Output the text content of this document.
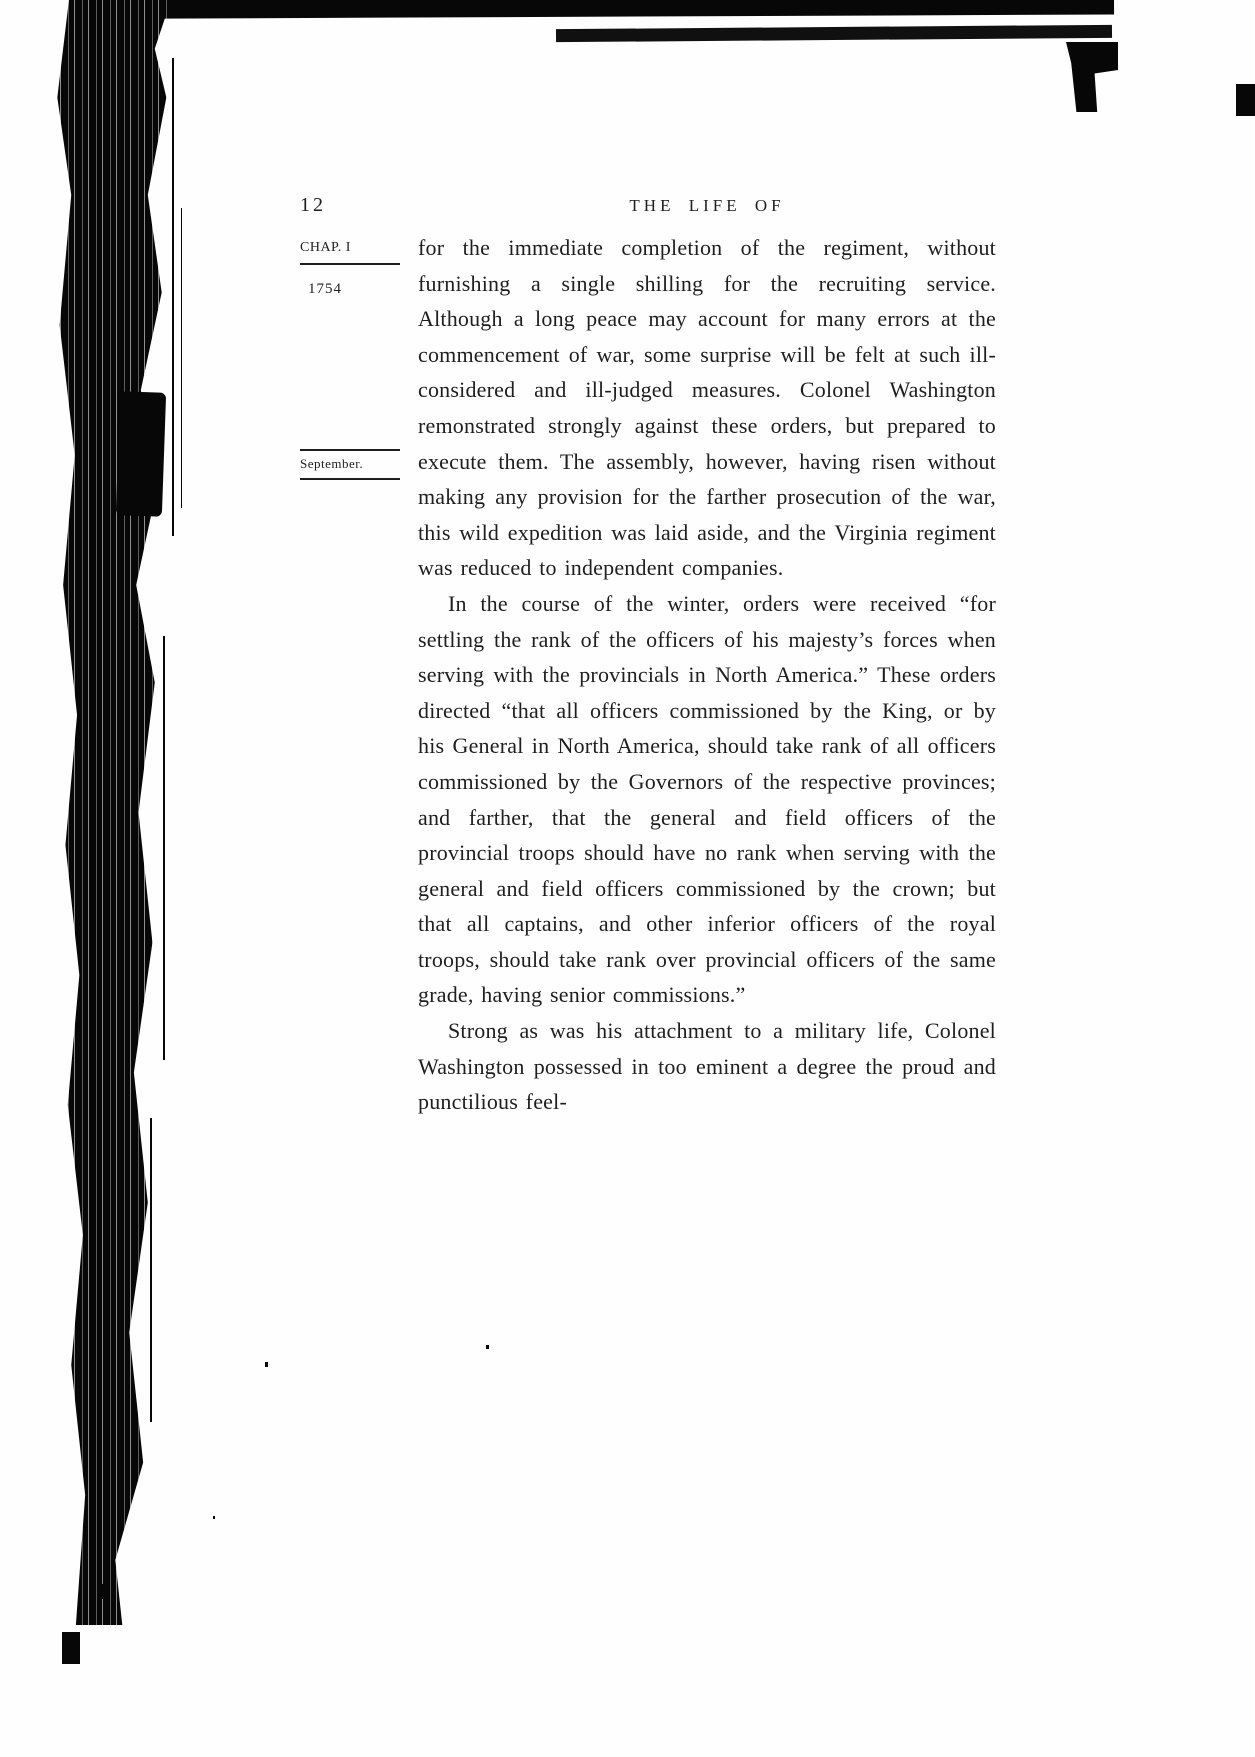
12	THE LIFE OF
CHAP. I
1754
September.

for the immediate completion of the regiment, without furnishing a single shilling for the recruiting service. Although a long peace may account for many errors at the commencement of war, some surprise will be felt at such ill-considered and ill-judged measures. Colonel Washington remonstrated strongly against these orders, but prepared to execute them. The assembly, however, having risen without making any provision for the farther prosecution of the war, this wild expedition was laid aside, and the Virginia regiment was reduced to independent companies.

In the course of the winter, orders were received “for settling the rank of the officers of his majesty’s forces when serving with the provincials in North America.” These orders directed “that all officers commissioned by the King, or by his General in North America, should take rank of all officers commissioned by the Governors of the respective provinces; and farther, that the general and field officers of the provincial troops should have no rank when serving with the general and field officers commissioned by the crown; but that all captains, and other inferior officers of the royal troops, should take rank over provincial officers of the same grade, having senior commissions.”

Strong as was his attachment to a military life, Colonel Washington possessed in too eminent a degree the proud and punctilious feel-
